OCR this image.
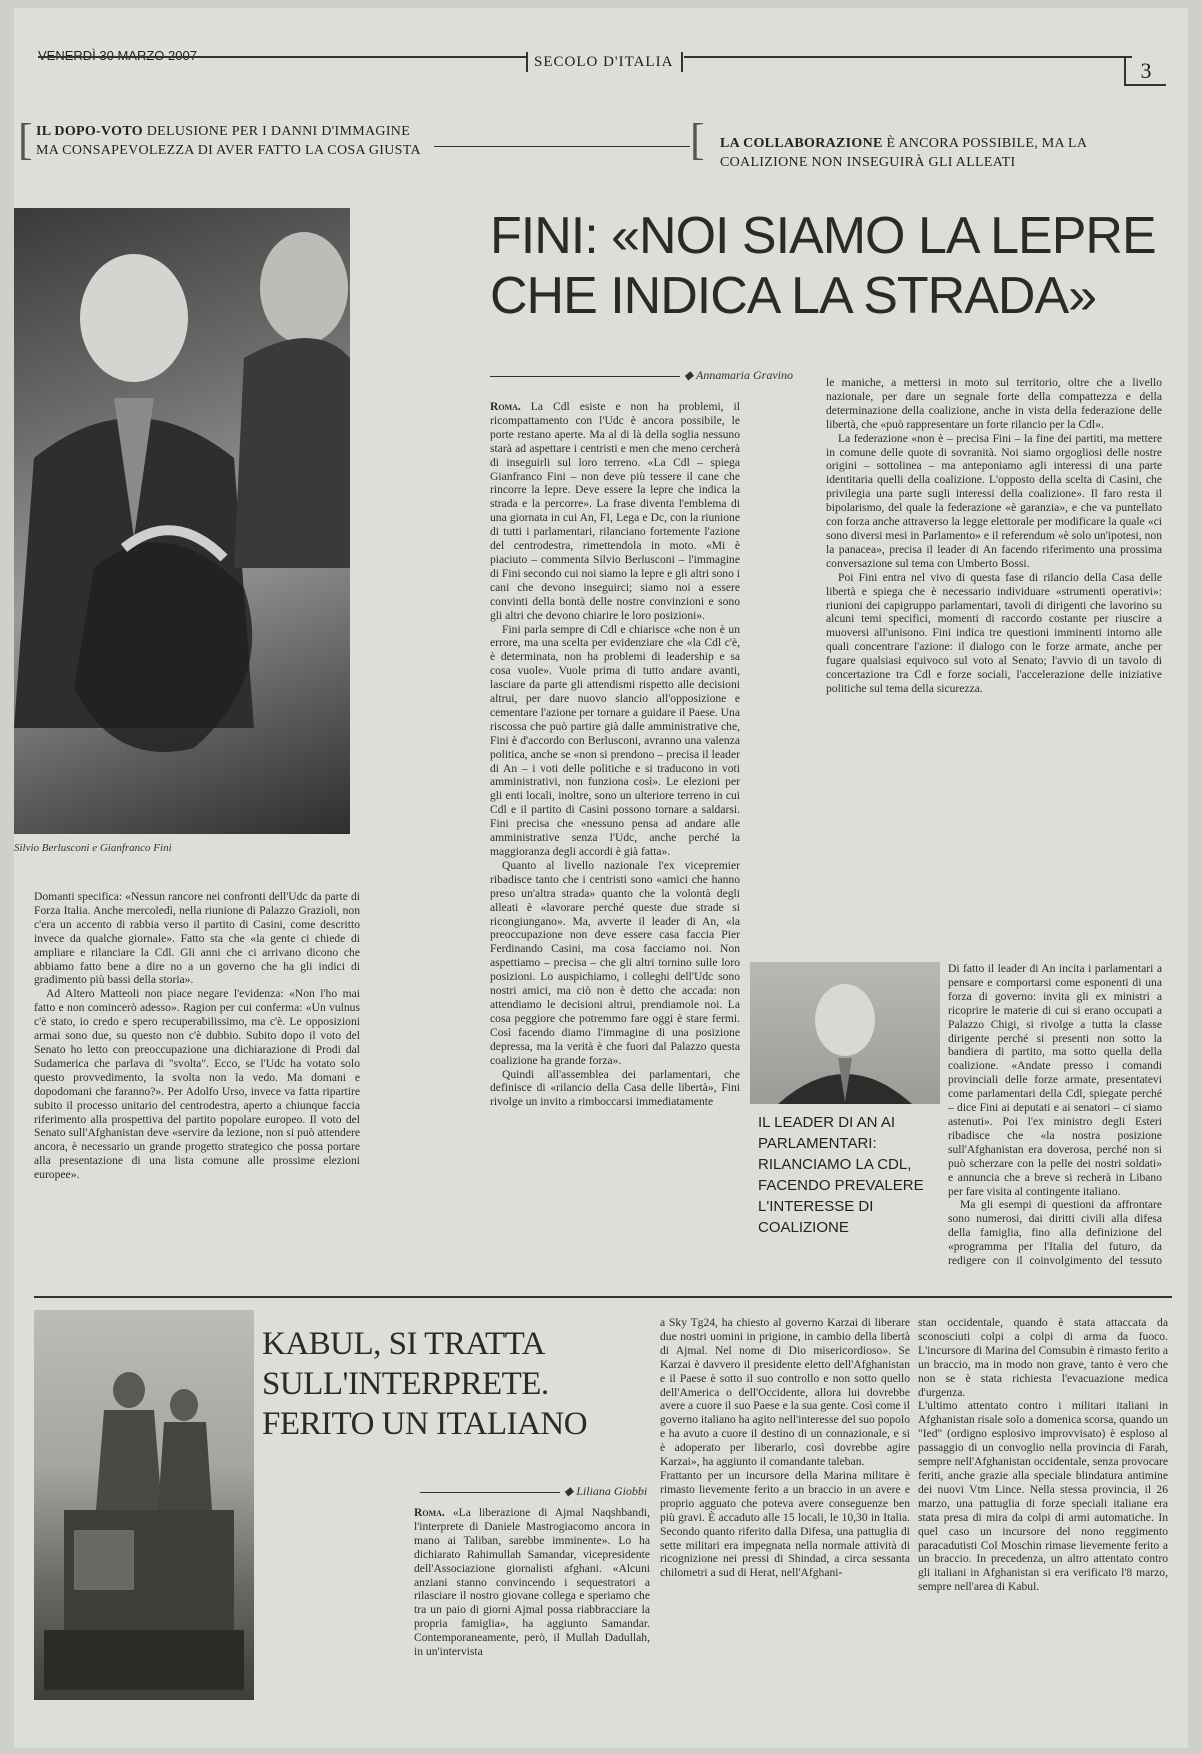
SECOLO D'ITALIA	3
[ IL DOPO-VOTO DELUSIONE PER I DANNI D'IMMAGINE MA CONSAPEVOLEZZA DI AVER FATTO LA COSA GIUSTA	[ LA COLLABORAZIONE È ANCORA POSSIBILE, MA LA COALIZIONE NON INSEGUIRÀ GLI ALLEATI
Silvio Berlusconi e Gianfranco Fini
FINI: «NOI SIAMO LA LEPRE
CHE INDICA LA STRADA»
◆ Annamaria Gravino

Domanti specifica: «Nessun rancore nei confronti dell'Udc da parte di Forza Italia. Anche mercoledì, nella riunione di Palazzo Grazioli, non c'era un accento di rabbia verso il partito di Casini, come descritto invece da qualche giornale». Fatto sta che «la gente ci chiede di ampliare e rilanciare la Cdl. Gli anni che ci arrivano dicono che abbiamo fatto bene a dire no a un governo che ha gli indici di gradimento più bassi della storia».

Ad Altero Matteoli non piace negare l'evidenza: «Non l'ho mai fatto e non comincerò adesso». Ragion per cui conferma: «Un vulnus c'è stato, io credo e spero recuperabilissimo, ma c'è. Le opposizioni armai sono due, su questo non c'è dubbio. Subito dopo il voto del Senato ho letto con preoccupazione una dichiarazione di Prodi dal Sudamerica che parlava di "svolta". Ecco, se l'Udc ha votato solo questo provvedimento, la svolta non la vedo. Ma domani e dopodomani che faranno?». Per Adolfo Urso, invece va fatta ripartire subito il processo unitario del centrodestra, aperto a chiunque faccia riferimento alla prospettiva del partito popolare europeo. Il voto del Senato sull'Afghanistan deve «servire da lezione, non si può attendere ancora, è necessario un grande progetto strategico che possa portare alla presentazione di una lista comune alle prossime elezioni europee».

Roma. La Cdl esiste e non ha problemi, il ricompattamento con l'Udc è ancora possibile, le porte restano aperte. Ma al di là della soglia nessuno starà ad aspettare i centristi e men che meno cercherà di inseguirli sul loro terreno. «La Cdl – spiega Gianfranco Fini – non deve più tessere il cane che rincorre la lepre. Deve essere la lepre che indica la strada e la percorre». La frase diventa l'emblema di una giornata in cui An, FI, Lega e Dc, con la riunione di tutti i parlamentari, rilanciano fortemente l'azione del centrodestra, rimettendola in moto. «Mi è piaciuto – commenta Silvio Berlusconi – l'immagine di Fini secondo cui noi siamo la lepre e gli altri sono i cani che devono inseguirci; siamo noi a essere convinti della bontà delle nostre convinzioni e sono gli altri che devono chiarire le loro posizioni».

Fini parla sempre di Cdl e chiarisce «che non è un errore, ma una scelta per evidenziare che «la Cdl c'è, è determinata, non ha problemi di leadership e sa cosa vuole». Vuole prima di tutto andare avanti, lasciare da parte gli attendismi rispetto alle decisioni altrui, per dare nuovo slancio all'opposizione e cementare l'azione per tornare a guidare il Paese. Una riscossa che può partire già dalle amministrative che, Fini è d'accordo con Berlusconi, avranno una valenza politica, anche se «non si prendono – precisa il leader di An – i voti delle politiche e si traducono in voti amministrativi, non funziona così». Le elezioni per gli enti locali, inoltre, sono un ulteriore terreno in cui Cdl e il partito di Casini possono tornare a saldarsi. Fini precisa che «nessuno pensa ad andare alle amministrative senza l'Udc, anche perché la maggioranza degli accordi è già fatta».

Quanto al livello nazionale l'ex vicepremier ribadisce tanto che i centristi sono «amici che hanno preso un'altra strada» quanto che la volontà degli alleati è «lavorare perché queste due strade si ricongiungano». Ma, avverte il leader di An, «la preoccupazione non deve essere casa faccia Pier Ferdinando Casini, ma cosa facciamo noi. Non aspettiamo – precisa – che gli altri tornino sulle loro posizioni. Lo auspichiamo, i colleghi dell'Udc sono nostri amici, ma ciò non è detto che accada: non attendiamo le decisioni altrui, prendiamole noi. La cosa peggiore che potremmo fare oggi è stare fermi. Così facendo diamo l'immagine di una posizione depressa, ma la verità è che fuori dal Palazzo questa coalizione ha grande forza».

Quindi all'assemblea dei parlamentari, che definisce di «rilancio della Casa delle libertà», Fini rivolge un invito a rimboccarsi immediatamente

le maniche, a mettersi in moto sul territorio, oltre che a livello nazionale, per dare un segnale forte della compattezza e della determinazione della coalizione, anche in vista della federazione delle libertà, che «può rappresentare un forte rilancio per la Cdl».

La federazione «non è – precisa Fini – la fine dei partiti, ma mettere in comune delle quote di sovranità. Noi siamo orgogliosi delle nostre origini – sottolinea – ma anteponiamo agli interessi di una parte identitaria quelli della coalizione. L'opposto della scelta di Casini, che privilegia una parte sugli interessi della coalizione». Il faro resta il bipolarismo, del quale la federazione «è garanzia», e che va puntellato con forza anche attraverso la legge elettorale per modificare la quale «ci sono diversi mesi in Parlamento» e il referendum «è solo un'ipotesi, non la panacea», precisa il leader di An facendo riferimento una prossima conversazione sul tema con Umberto Bossi.

Poi Fini entra nel vivo di questa fase di rilancio della Casa delle libertà e spiega che è necessario individuare «strumenti operativi»: riunioni dei capigruppo parlamentari, tavoli di dirigenti che lavorino su alcuni temi specifici, momenti di raccordo costante per riuscire a muoversi all'unisono. Fini indica tre questioni imminenti intorno alle quali concentrare l'azione: il dialogo con le forze armate, anche per fugare qualsiasi equivoco sul voto al Senato; l'avvio di un tavolo di concertazione tra Cdl e forze sociali, l'accelerazione delle iniziative politiche sul tema della sicurezza.

Di fatto il leader di An incita i parlamentari a pensare e comportarsi come esponenti di una forza di governo: invita gli ex ministri a ricoprire le materie di cui si erano occupati a Palazzo Chigi, si rivolge a tutta la classe dirigente perché si presenti non sotto la bandiera di partito, ma sotto quella della coalizione. «Andate presso i comandi provinciali delle forze armate, presentatevi come parlamentari della Cdl, spiegate perché – dice Fini ai deputati e ai senatori – ci siamo astenuti». Poi l'ex ministro degli Esteri ribadisce che «la nostra posizione sull'Afghanistan era doverosa, perché non si può scherzare con la pelle dei nostri soldati» e annuncia che a breve si recherà in Libano per fare visita al contingente italiano.

Ma gli esempi di questioni da affrontare sono numerosi, dai diritti civili alla difesa della famiglia, fino alla definizione del «programma per l'Italia del futuro, da redigere con il coinvolgimento del tessuto

IL LEADER DI AN AI PARLAMENTARI: RILANCIAMO LA CDL, FACENDO PREVALERE L'INTERESSE DI COALIZIONE
KABUL, SI TRATTA
SULL'INTERPRETE.
FERITO UN ITALIANO
◆ Liliana Giobbi

Roma. «La liberazione di Ajmal Naqshbandi, l'interprete di Daniele Mastrogiacomo ancora in mano ai Taliban, sarebbe imminente». Lo ha dichiarato Rahimullah Samandar, vicepresidente dell'Associazione giornalisti afghani. «Alcuni anziani stanno convincendo i sequestratori a rilasciare il nostro giovane collega e speriamo che tra un paio di giorni Ajmal possa riabbracciare la propria famiglia», ha aggiunto Samandar. Contemporaneamente, però, il Mullah Dadullah, in un'intervista

a Sky Tg24, ha chiesto al governo Karzai di liberare due nostri uomini in prigione, in cambio della libertà di Ajmal. Nel nome di Dio misericordioso». Se Karzai è davvero il presidente eletto dell'Afghanistan e il Paese è sotto il suo controllo e non sotto quello dell'America o dell'Occidente, allora lui dovrebbe avere a cuore il suo Paese e la sua gente. Così come il governo italiano ha agito nell'interesse del suo popolo e ha avuto a cuore il destino di un connazionale, e si è adoperato per liberarlo, così dovrebbe agire Karzai», ha aggiunto il comandante taleban.
Frattanto per un incursore della Marina militare è rimasto lievemente ferito a un braccio in un avere e proprio agguato che poteva avere conseguenze ben più gravi. È accaduto alle 15 locali, le 10,30 in Italia. Secondo quanto riferito dalla Difesa, una pattuglia di sette militari era impegnata nella normale attività di ricognizione nei pressi di Shindad, a circa sessanta chilometri a sud di Herat, nell'Afghani-

stan occidentale, quando è stata attaccata da sconosciuti colpi a colpi di arma da fuoco. L'incursore di Marina del Comsubin è rimasto ferito a un braccio, ma in modo non grave, tanto è vero che non se è stata richiesta l'evacuazione medica d'urgenza.
L'ultimo attentato contro i militari italiani in Afghanistan risale solo a domenica scorsa, quando un "Ied" (ordigno esplosivo improvvisato) è esploso al passaggio di un convoglio nella provincia di Farah, sempre nell'Afghanistan occidentale, senza provocare feriti, anche grazie alla speciale blindatura antimine dei nuovi Vtm Lince. Nella stessa provincia, il 26 marzo, una pattuglia di forze speciali italiane era stata presa di mira da colpi di armi automatiche. In quel caso un incursore del nono reggimento paracadutisti Col Moschin rimase lievemente ferito a un braccio. In precedenza, un altro attentato contro gli italiani in Afghanistan si era verificato l'8 marzo, sempre nell'area di Kabul.
